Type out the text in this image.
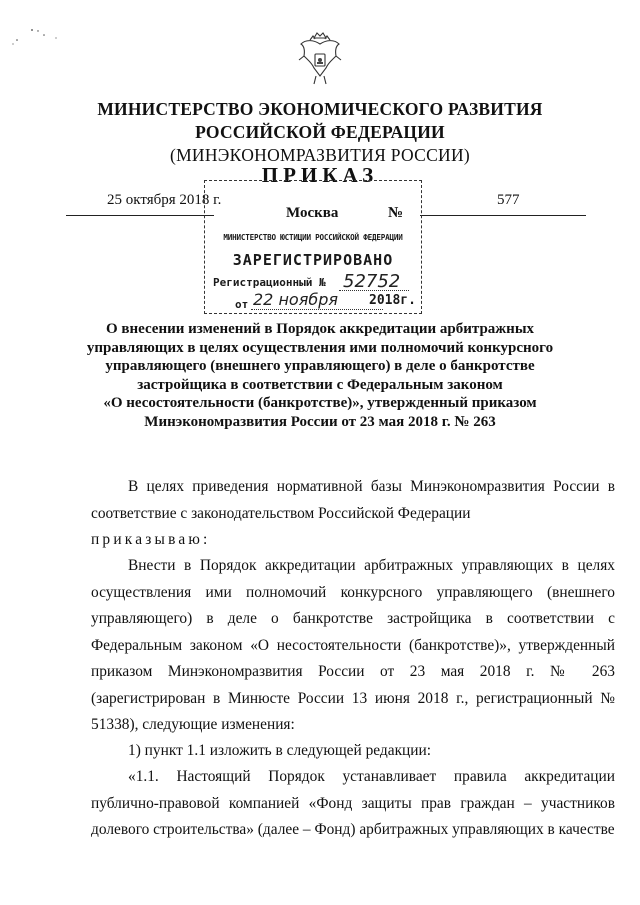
МИНИСТЕРСТВО ЭКОНОМИЧЕСКОГО РАЗВИТИЯ
РОССИЙСКОЙ ФЕДЕРАЦИИ
(МИНЭКОНОМРАЗВИТИЯ РОССИИ)
ПРИКАЗ
25 октября 2018 г.
Москва	№
577
МИНИСТЕРСТВО ЮСТИЦИИ РОССИЙСКОЙ ФЕДЕРАЦИИ
ЗАРЕГИСТРИРОВАНО
Регистрационный № 52752
от 22 ноября 2018г.
О внесении изменений в Порядок аккредитации арбитражных
управляющих в целях осуществления ими полномочий конкурсного
управляющего (внешнего управляющего) в деле о банкротстве
застройщика в соответствии с Федеральным законом
«О несостоятельности (банкротстве)», утвержденный приказом
Минэкономразвития России от 23 мая 2018 г. № 263
В целях приведения нормативной базы Минэкономразвития России в соответствие с законодательством Российской Федерации
приказываю:
Внести в Порядок аккредитации арбитражных управляющих в целях осуществления ими полномочий конкурсного управляющего (внешнего управляющего) в деле о банкротстве застройщика в соответствии с Федеральным законом «О несостоятельности (банкротстве)», утвержденный приказом Минэкономразвития России от 23 мая 2018 г. № 263 (зарегистрирован в Минюсте России 13 июня 2018 г., регистрационный № 51338), следующие изменения:
1) пункт 1.1 изложить в следующей редакции:
«1.1. Настоящий Порядок устанавливает правила аккредитации публично-правовой компанией «Фонд защиты прав граждан – участников долевого строительства» (далее – Фонд) арбитражных управляющих в качестве
